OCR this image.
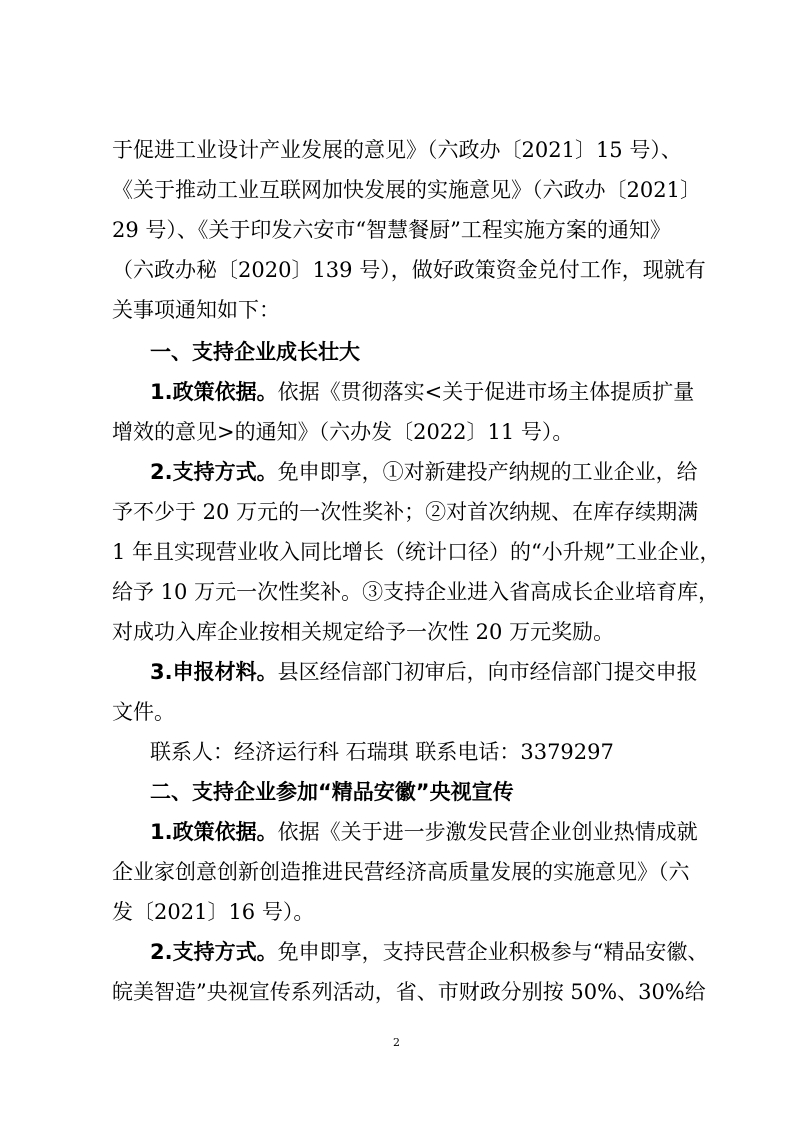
于促进工业设计产业发展的意见》（六政办〔2021〕15 号）、
《关于推动工业互联网加快发展的实施意见》（六政办〔2021〕
29 号）、《关于印发六安市“智慧餐厨”工程实施方案的通知》
（六政办秘〔2020〕139 号），做好政策资金兑付工作，现就有
关事项通知如下：
一、支持企业成长壮大
1.政策依据。依据《贯彻落实<关于促进市场主体提质扩量
增效的意见>的通知》（六办发〔2022〕11 号）。
2.支持方式。免申即享，①对新建投产纳规的工业企业，给
予不少于 20 万元的一次性奖补；②对首次纳规、在库存续期满
1 年且实现营业收入同比增长（统计口径）的“小升规”工业企业，
给予 10 万元一次性奖补。③支持企业进入省高成长企业培育库，
对成功入库企业按相关规定给予一次性 20 万元奖励。
3.申报材料。县区经信部门初审后，向市经信部门提交申报
文件。
联系人：经济运行科 石瑞琪 联系电话：3379297
二、支持企业参加“精品安徽”央视宣传
1.政策依据。依据《关于进一步激发民营企业创业热情成就
企业家创意创新创造推进民营经济高质量发展的实施意见》（六
发〔2021〕16 号）。
2.支持方式。免申即享，支持民营企业积极参与“精品安徽、
皖美智造”央视宣传系列活动，省、市财政分别按 50%、30%给
2
